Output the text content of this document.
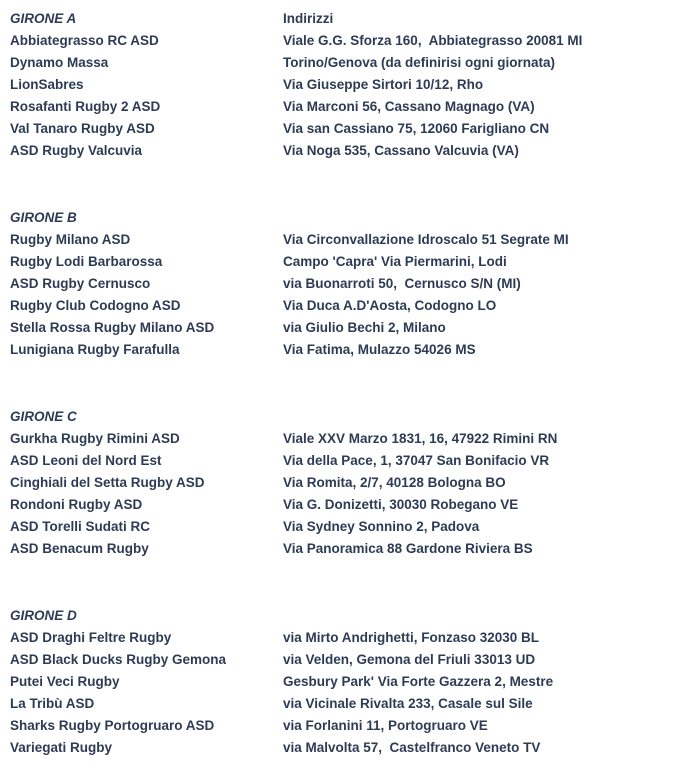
GIRONE A	Indirizzi
Abbiategrasso RC ASD	Viale G.G. Sforza 160,  Abbiategrasso 20081 MI
Dynamo Massa	Torino/Genova (da definirisi ogni giornata)
LionSabres	Via Giuseppe Sirtori 10/12, Rho
Rosafanti Rugby 2 ASD	Via Marconi 56, Cassano Magnago (VA)
Val Tanaro Rugby ASD	Via san Cassiano 75, 12060 Farigliano CN
ASD Rugby Valcuvia	Via Noga 535, Cassano Valcuvia (VA)
GIRONE B
Rugby Milano ASD	Via Circonvallazione Idroscalo 51 Segrate MI
Rugby Lodi Barbarossa	Campo 'Capra' Via Piermarini, Lodi
ASD Rugby Cernusco	via Buonarroti 50,  Cernusco S/N (MI)
Rugby Club Codogno ASD	Via Duca A.D'Aosta, Codogno LO
Stella Rossa Rugby Milano ASD	via Giulio Bechi 2, Milano
Lunigiana Rugby Farafulla	Via Fatima, Mulazzo 54026 MS
GIRONE C
Gurkha Rugby Rimini ASD	Viale XXV Marzo 1831, 16, 47922 Rimini RN
ASD Leoni del Nord Est	Via della Pace, 1, 37047 San Bonifacio VR
Cinghiali del Setta Rugby ASD	Via Romita, 2/7, 40128 Bologna BO
Rondoni Rugby ASD	Via G. Donizetti, 30030 Robegano VE
ASD Torelli Sudati RC	Via Sydney Sonnino 2, Padova
ASD Benacum Rugby	Via Panoramica 88 Gardone Riviera BS
GIRONE D
ASD Draghi Feltre Rugby	via Mirto Andrighetti, Fonzaso 32030 BL
ASD Black Ducks Rugby Gemona	via Velden, Gemona del Friuli 33013 UD
Putei Veci Rugby	Gesbury Park' Via Forte Gazzera 2, Mestre
La Tribù ASD	via Vicinale Rivalta 233, Casale sul Sile
Sharks Rugby Portogruaro ASD	via Forlanini 11, Portogruaro VE
Variegati Rugby	via Malvolta 57,  Castelfranco Veneto TV
